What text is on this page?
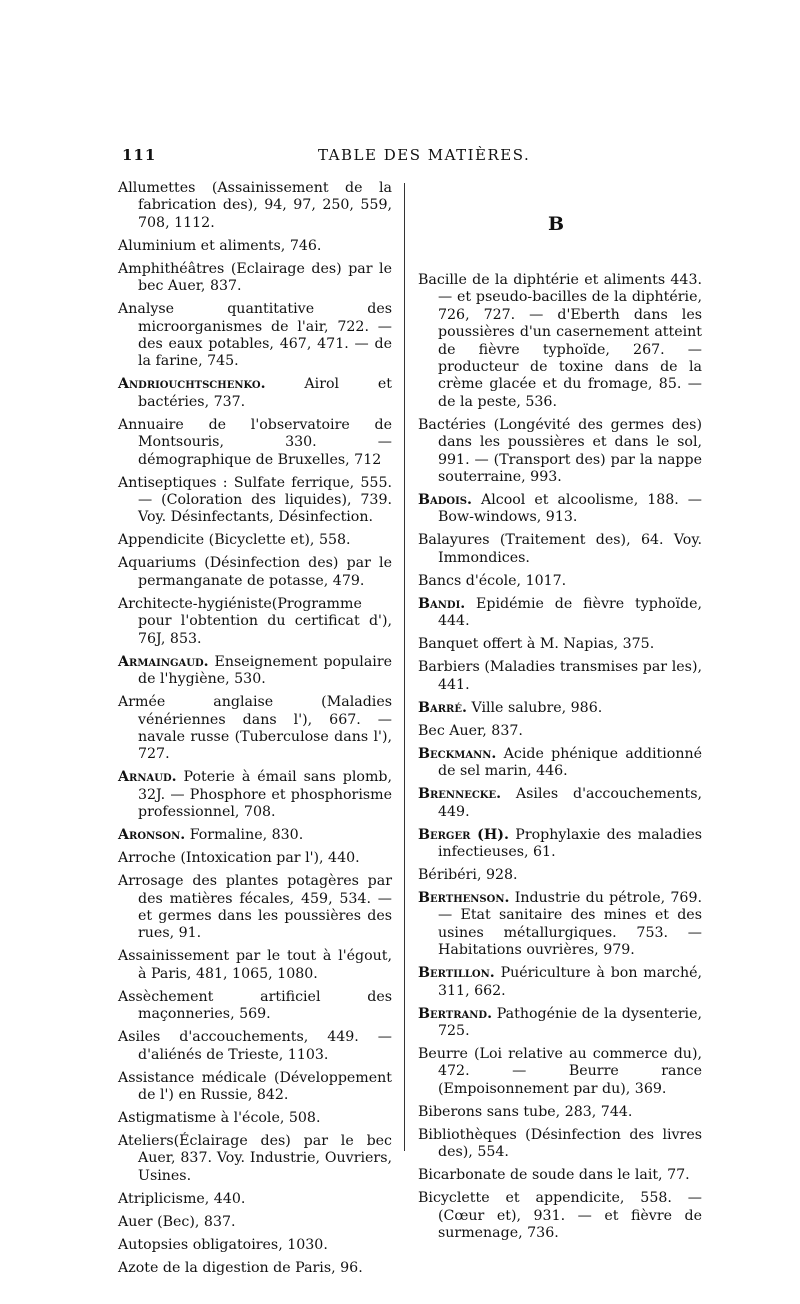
111	TABLE DES MATIÈRES.

Allumettes (Assainissement de la fabrication des), 94, 97, 250, 559, 708, 1112.

Aluminium et aliments, 746.

Amphithéâtres (Eclairage des) par le bec Auer, 837.

Analyse quantitative des microorganismes de l'air, 722. — des eaux potables, 467, 471. — de la farine, 745.

Andriouchtschenko. Airol et bactéries, 737.

Annuaire de l'observatoire de Montsouris, 330. — démographique de Bruxelles, 712

Antiseptiques : Sulfate ferrique, 555. — (Coloration des liquides), 739. Voy. Désinfectants, Désinfection.

Appendicite (Bicyclette et), 558.

Aquariums (Désinfection des) par le permanganate de potasse, 479.

Architecte-hygiéniste(Programme pour l'obtention du certificat d'), 76J, 853.

Armaingaud. Enseignement populaire de l'hygiène, 530.

Armée anglaise (Maladies vénériennes dans l'), 667. — navale russe (Tuberculose dans l'), 727.

Arnaud. Poterie à émail sans plomb, 32J. — Phosphore et phosphorisme professionnel, 708.

Aronson. Formaline, 830.

Arroche (Intoxication par l'), 440.

Arrosage des plantes potagères par des matières fécales, 459, 534. — et germes dans les poussières des rues, 91.

Assainissement par le tout à l'égout, à Paris, 481, 1065, 1080.

Assèchement artificiel des maçonneries, 569.

Asiles d'accouchements, 449. — d'aliénés de Trieste, 1103.

Assistance médicale (Développement de l') en Russie, 842.

Astigmatisme à l'école, 508.

Ateliers(Éclairage des) par le bec Auer, 837. Voy. Industrie, Ouvriers, Usines.

Atriplicisme, 440.

Auer (Bec), 837.

Autopsies obligatoires, 1030.

Azote de la digestion de Paris, 96.

B

Bacille de la diphtérie et aliments 443. — et pseudo-bacilles de la diphtérie, 726, 727. — d'Eberth dans les poussières d'un casernement atteint de fièvre typhoïde, 267. — producteur de toxine dans de la crème glacée et du fromage, 85. — de la peste, 536.

Bactéries (Longévité des germes des) dans les poussières et dans le sol, 991. — (Transport des) par la nappe souterraine, 993.

Badois. Alcool et alcoolisme, 188. — Bow-windows, 913.

Balayures (Traitement des), 64. Voy. Immondices.

Bancs d'école, 1017.

Bandi. Epidémie de fièvre typhoïde, 444.

Banquet offert à M. Napias, 375.

Barbiers (Maladies transmises par les), 441.

Barré. Ville salubre, 986.

Bec Auer, 837.

Beckmann. Acide phénique additionné de sel marin, 446.

Brennecke. Asiles d'accouchements, 449.

Berger (H). Prophylaxie des maladies infectieuses, 61.

Béribéri, 928.

Berthenson. Industrie du pétrole, 769. — Etat sanitaire des mines et des usines métallurgiques. 753. — Habitations ouvrières, 979.

Bertillon. Puériculture à bon marché, 311, 662.

Bertrand. Pathogénie de la dysenterie, 725.

Beurre (Loi relative au commerce du), 472. — Beurre rance (Empoisonnement par du), 369.

Biberons sans tube, 283, 744.

Bibliothèques (Désinfection des livres des), 554.

Bicarbonate de soude dans le lait, 77.

Bicyclette et appendicite, 558. — (Cœur et), 931. — et fièvre de surmenage, 736.
